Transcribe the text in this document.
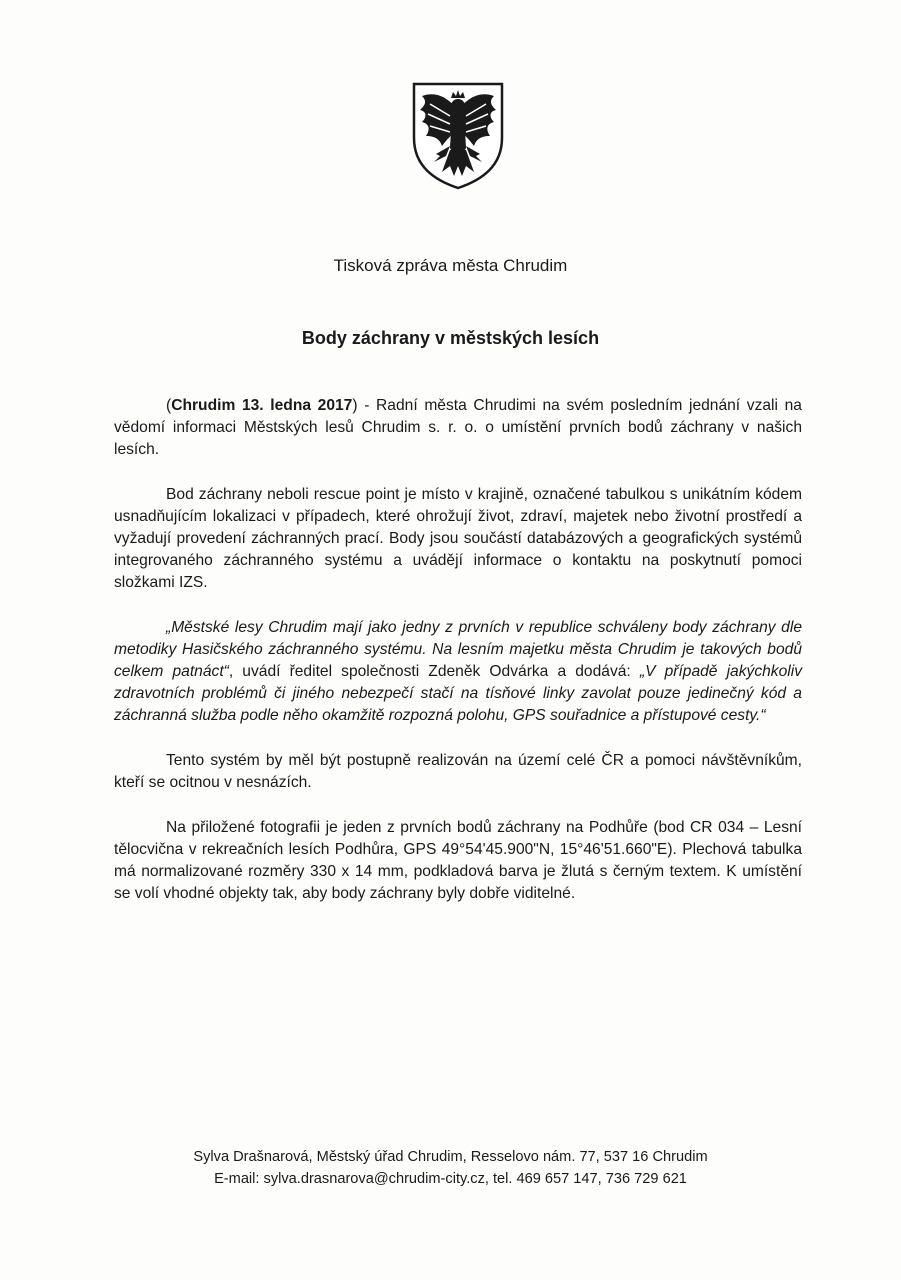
Tisková zpráva města Chrudim
Body záchrany v městských lesích

(Chrudim 13. ledna 2017) - Radní města Chrudimi na svém posledním jednání vzali na vědomí informaci Městských lesů Chrudim s. r. o. o umístění prvních bodů záchrany v našich lesích.

Bod záchrany neboli rescue point je místo v krajině, označené tabulkou s unikátním kódem usnadňujícím lokalizaci v případech, které ohrožují život, zdraví, majetek nebo životní prostředí a vyžadují provedení záchranných prací. Body jsou součástí databázových a geografických systémů integrovaného záchranného systému a uvádějí informace o kontaktu na poskytnutí pomoci složkami IZS.

„Městské lesy Chrudim mají jako jedny z prvních v republice schváleny body záchrany dle metodiky Hasičského záchranného systému. Na lesním majetku města Chrudim je takových bodů celkem patnáct“, uvádí ředitel společnosti Zdeněk Odvárka a dodává: „V případě jakýchkoliv zdravotních problémů či jiného nebezpečí stačí na tísňové linky zavolat pouze jedinečný kód a záchranná služba podle něho okamžitě rozpozná polohu, GPS souřadnice a přístupové cesty.“

Tento systém by měl být postupně realizován na území celé ČR a pomoci návštěvníkům, kteří se ocitnou v nesnázích.

Na přiložené fotografii je jeden z prvních bodů záchrany na Podhůře (bod CR 034 – Lesní tělocvična v rekreačních lesích Podhůra, GPS 49°54'45.900"N, 15°46'51.660"E). Plechová tabulka má normalizované rozměry 330 x 14 mm, podkladová barva je žlutá s černým textem. K umístění se volí vhodné objekty tak, aby body záchrany byly dobře viditelné.

Sylva Drašnarová, Městský úřad Chrudim, Resselovo nám. 77, 537 16 Chrudim
E-mail: sylva.drasnarova@chrudim-city.cz, tel. 469 657 147, 736 729 621
